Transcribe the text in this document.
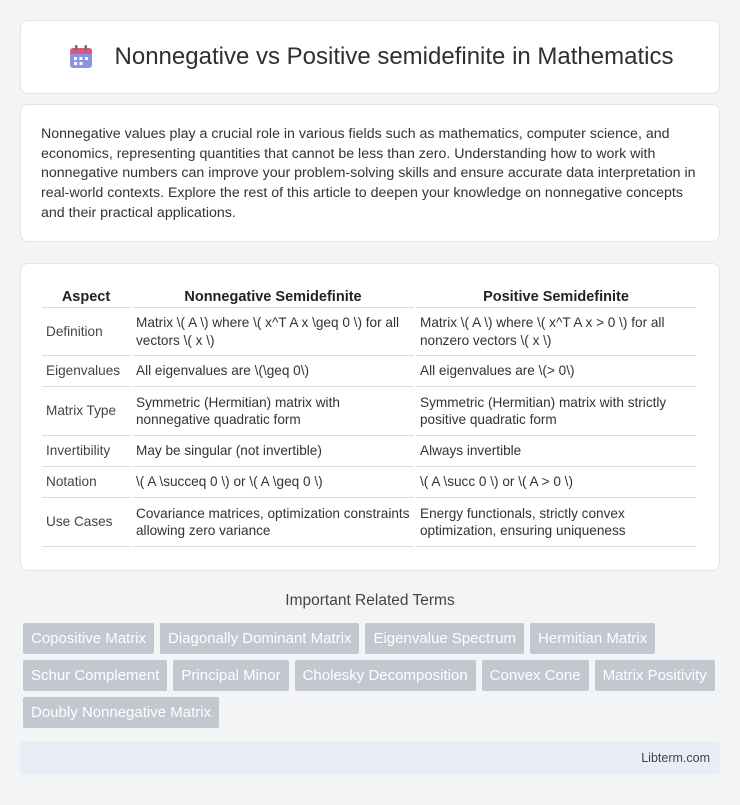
Nonnegative vs Positive semidefinite in Mathematics

Nonnegative values play a crucial role in various fields such as mathematics, computer science, and economics, representing quantities that cannot be less than zero. Understanding how to work with nonnegative numbers can improve your problem-solving skills and ensure accurate data interpretation in real-world contexts. Explore the rest of this article to deepen your knowledge on nonnegative concepts and their practical applications.

Aspect	Nonnegative Semidefinite	Positive Semidefinite
Definition	Matrix \( A \) where \( x^T A x \geq 0 \) for all vectors \( x \)	Matrix \( A \) where \( x^T A x > 0 \) for all nonzero vectors \( x \)
Eigenvalues	All eigenvalues are \(\geq 0\)	All eigenvalues are \(> 0\)
Matrix Type	Symmetric (Hermitian) matrix with nonnegative quadratic form	Symmetric (Hermitian) matrix with strictly positive quadratic form
Invertibility	May be singular (not invertible)	Always invertible
Notation	\( A \succeq 0 \) or \( A \geq 0 \)	\( A \succ 0 \) or \( A > 0 \)
Use Cases	Covariance matrices, optimization constraints allowing zero variance	Energy functionals, strictly convex optimization, ensuring uniqueness
Important Related Terms
Copositive Matrix	Diagonally Dominant Matrix	Eigenvalue Spectrum	Hermitian Matrix
Schur Complement	Principal Minor	Cholesky Decomposition	Convex Cone	Matrix Positivity
Doubly Nonnegative Matrix
Libterm.com
